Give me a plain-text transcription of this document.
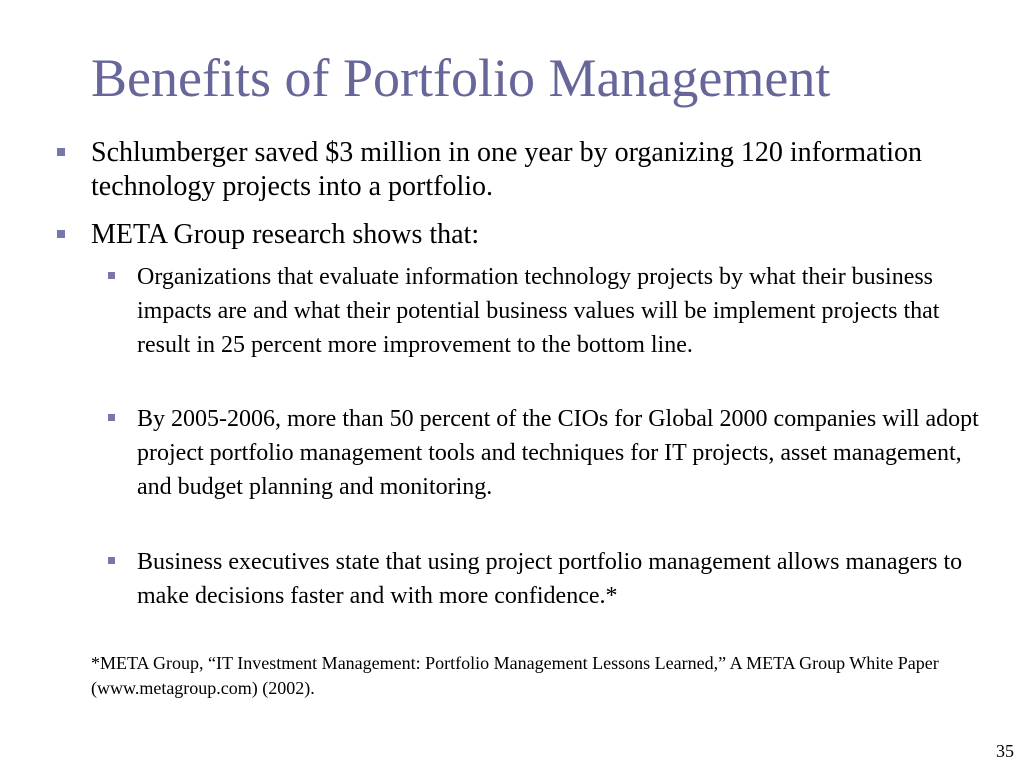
Benefits of Portfolio Management
Schlumberger saved $3 million in one year by organizing 120 information technology projects into a portfolio.
META Group research shows that:
Organizations that evaluate information technology projects by what their business impacts are and what their potential business values will be implement projects that result in 25 percent more improvement to the bottom line.
By 2005-2006, more than 50 percent of the CIOs for Global 2000 companies will adopt project portfolio management tools and techniques for IT projects, asset management, and budget planning and monitoring.
Business executives state that using project portfolio management allows managers to make decisions faster and with more confidence.*

*META Group, “IT Investment Management: Portfolio Management Lessons Learned,” A META Group White Paper (www.metagroup.com) (2002).

35
